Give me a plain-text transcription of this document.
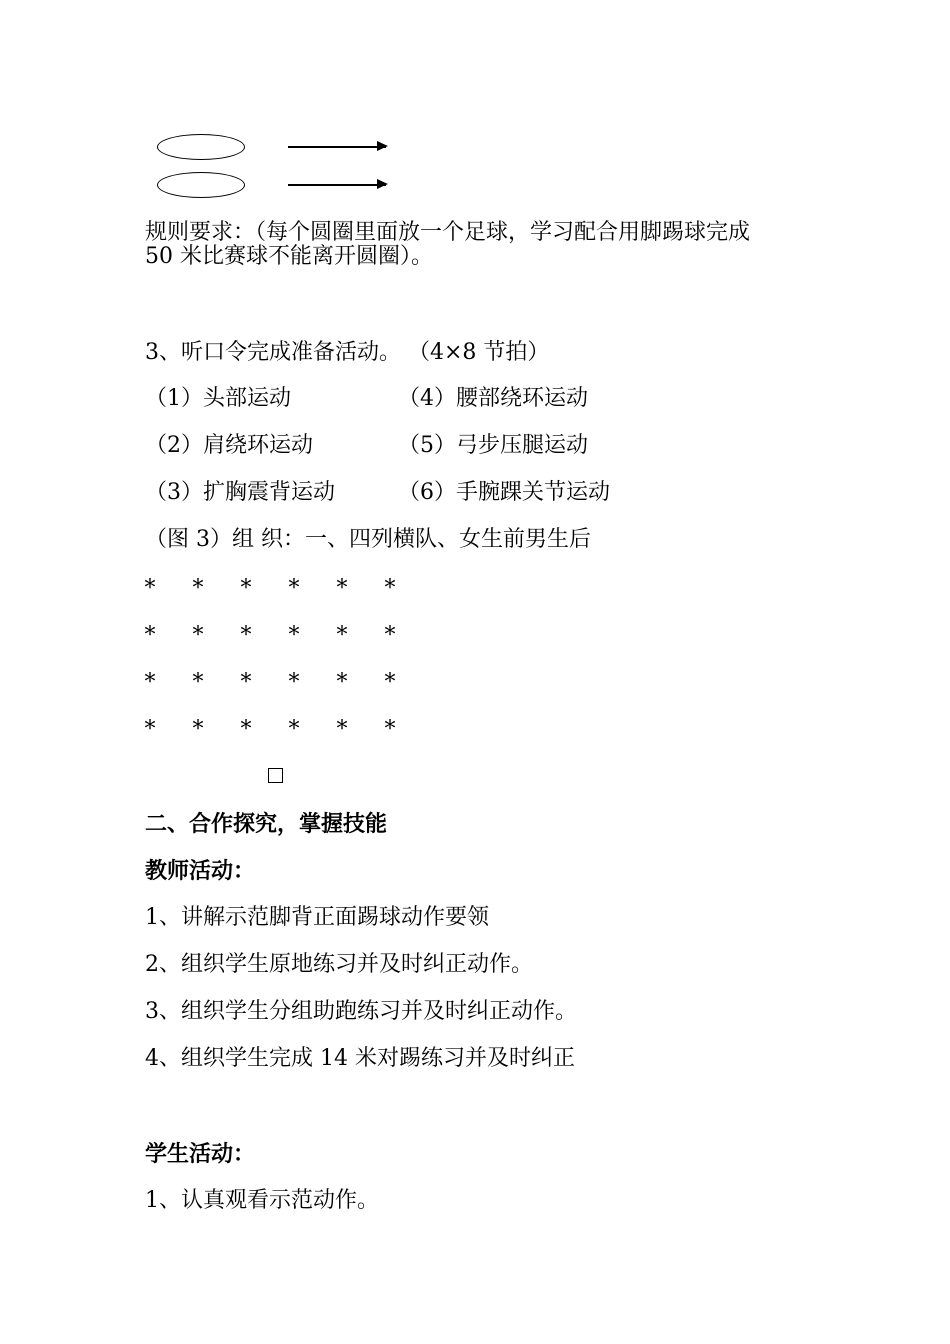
规则要求：（每个圆圈里面放一个足球，学习配合用脚踢球完成
50 米比赛球不能离开圆圈）。
3、听口令完成准备活动。 （4×8 节拍）
（1）头部运动	（4）腰部绕环运动
（2）肩绕环运动	（5）弓步压腿运动
（3）扩胸震背运动	（6）手腕踝关节运动
（图 3）组 织：一、四列横队、女生前男生后
* * * * * *
* * * * * *
* * * * * *
* * * * * *
二、合作探究，掌握技能
教师活动：
1、讲解示范脚背正面踢球动作要领
2、组织学生原地练习并及时纠正动作。
3、组织学生分组助跑练习并及时纠正动作。
4、组织学生完成 14 米对踢练习并及时纠正
学生活动：
1、认真观看示范动作。
